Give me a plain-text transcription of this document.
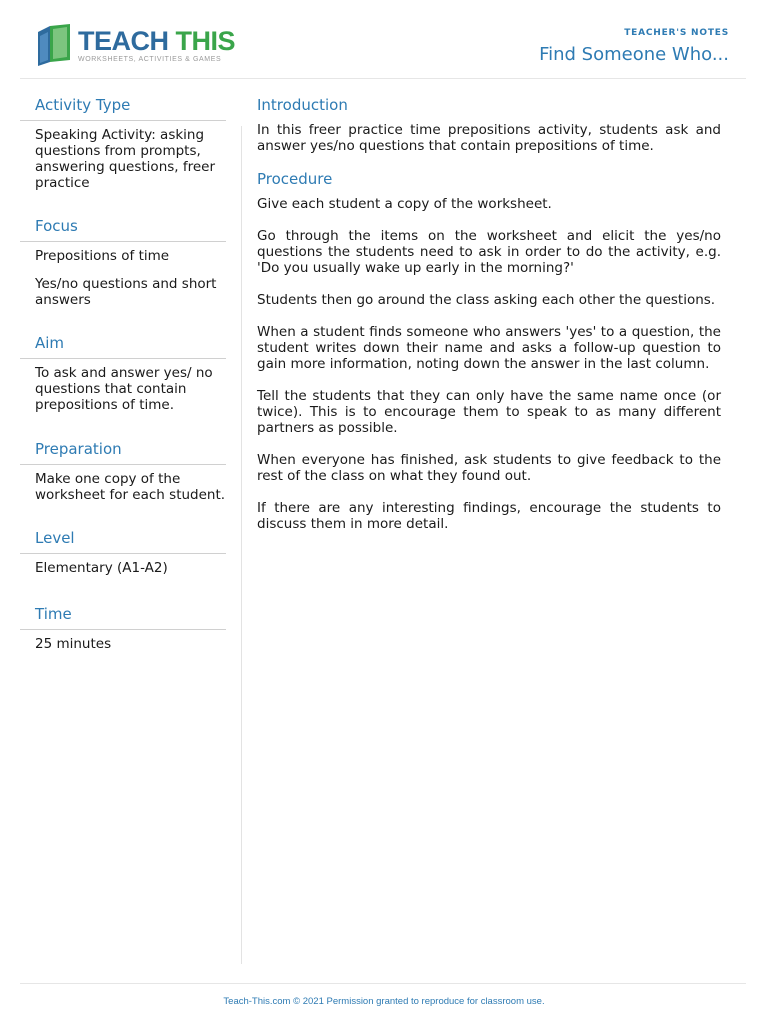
TEACH THIS
WORKSHEETS, ACTIVITIES & GAMES
TEACHER'S NOTES
Find Someone Who...
Activity Type

Speaking Activity: asking questions from prompts, answering questions, freer practice

Focus

Prepositions of time

Yes/no questions and short answers

Aim

To ask and answer yes/ no questions that contain prepositions of time.

Preparation

Make one copy of the worksheet for each student.

Level

Elementary (A1-A2)

Time

25 minutes

Introduction

In this freer practice time prepositions activity, students ask and answer yes/no questions that contain prepositions of time.

Procedure

Give each student a copy of the worksheet.

Go through the items on the worksheet and elicit the yes/no questions the students need to ask in order to do the activity, e.g. 'Do you usually wake up early in the morning?'

Students then go around the class asking each other the questions.

When a student finds someone who answers 'yes' to a question, the student writes down their name and asks a follow-up question to gain more information, noting down the answer in the last column.

Tell the students that they can only have the same name once (or twice). This is to encourage them to speak to as many different partners as possible.

When everyone has finished, ask students to give feedback to the rest of the class on what they found out.

If there are any interesting findings, encourage the students to discuss them in more detail.

Teach-This.com © 2021 Permission granted to reproduce for classroom use.
